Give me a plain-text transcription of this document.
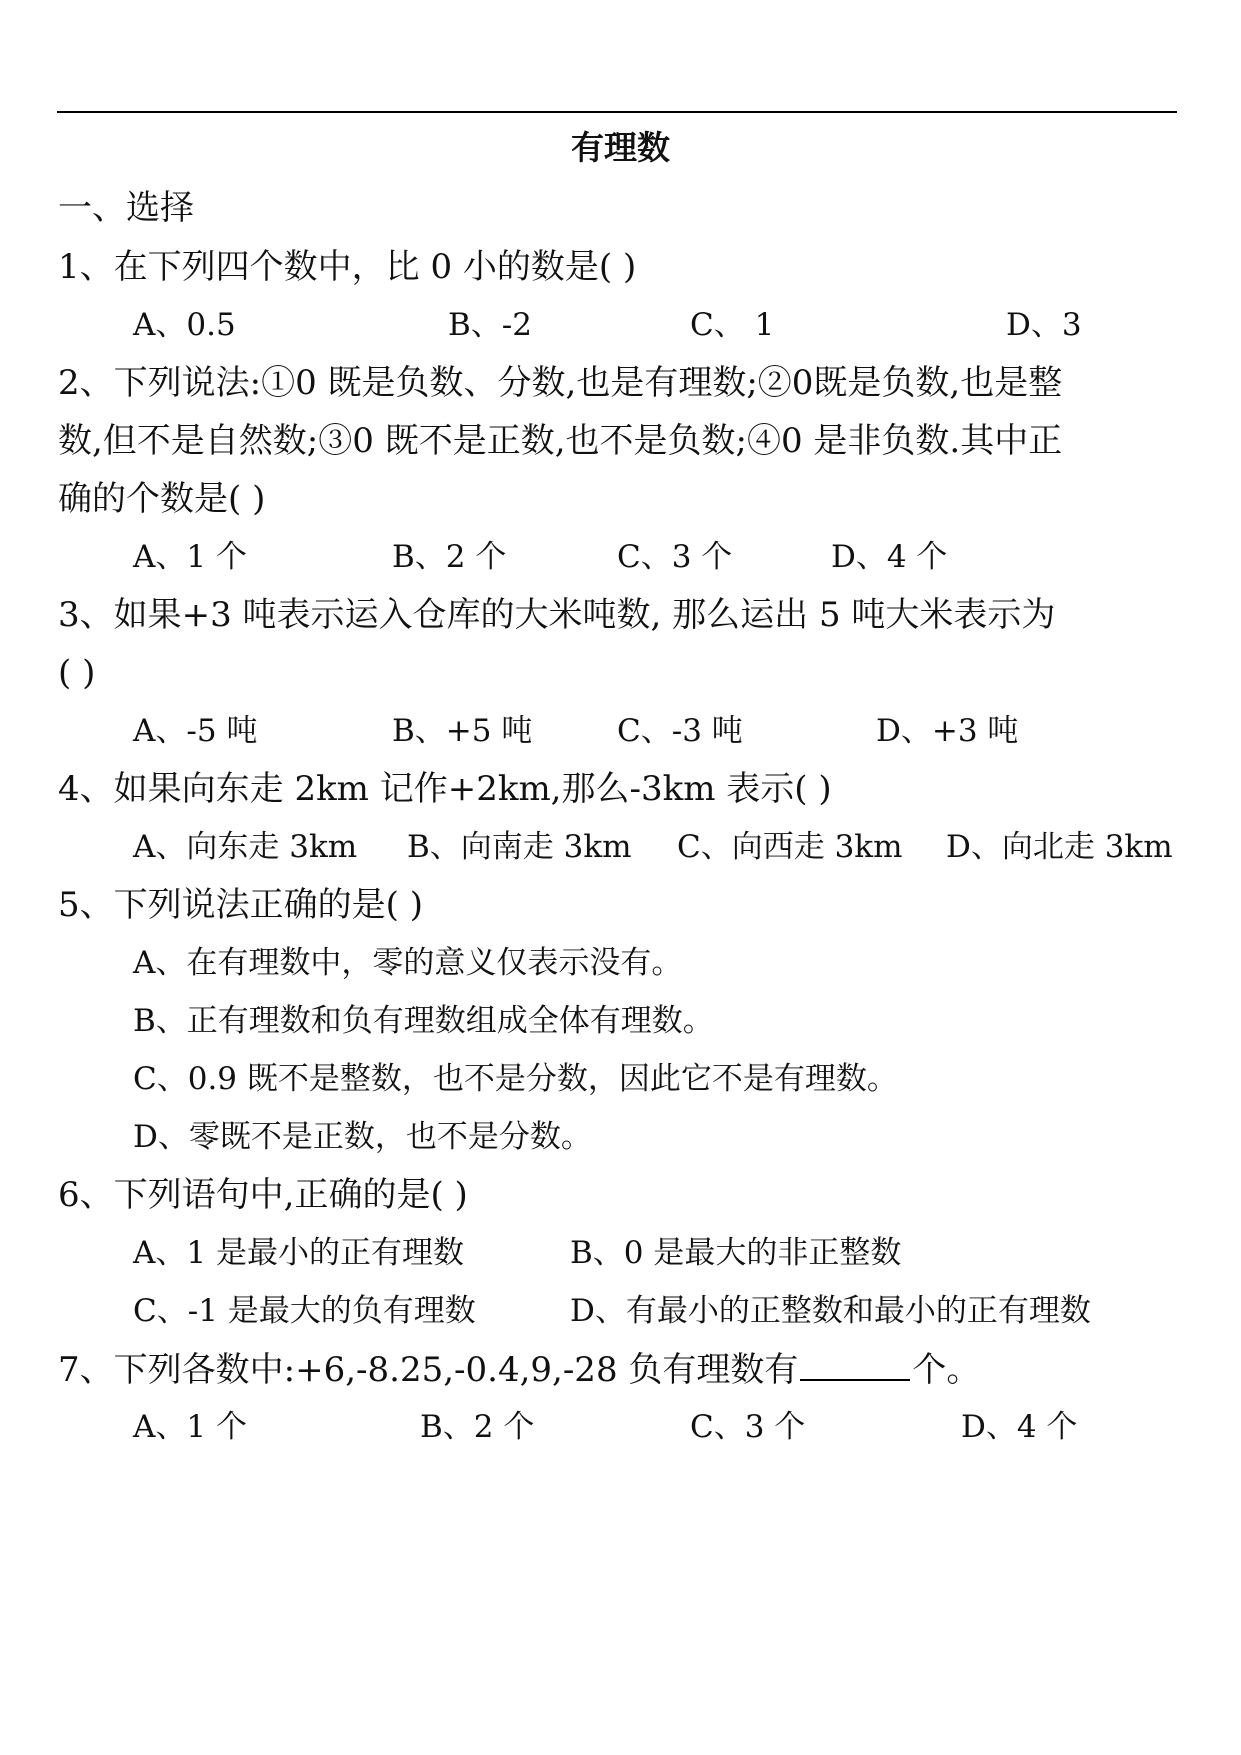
有理数
一、选择
1、在下列四个数中，比 0 小的数是( )
A、0.5	B、-2	C、 1	D、3
2、下列说法:①0 既是负数、分数,也是有理数;②0既是负数,也是整
数,但不是自然数;③0 既不是正数,也不是负数;④0 是非负数.其中正
确的个数是( )
A、1 个	B、2 个	C、3 个	D、4 个
3、如果+3 吨表示运入仓库的大米吨数, 那么运出 5 吨大米表示为
( )
A、-5 吨	B、+5 吨	C、-3 吨	D、+3 吨
4、如果向东走 2km 记作+2km,那么-3km 表示( )
A、向东走 3km B、向南走 3km C、向西走 3km D、向北走 3km
5、下列说法正确的是( )
A、在有理数中，零的意义仅表示没有。
B、正有理数和负有理数组成全体有理数。
C、0.9 既不是整数，也不是分数，因此它不是有理数。
D、零既不是正数，也不是分数。
6、下列语句中,正确的是( )
A、1 是最小的正有理数	B、0 是最大的非正整数
C、-1 是最大的负有理数	D、有最小的正整数和最小的正有理数
7、下列各数中:+6,-8.25,-0.4,9,-28 负有理数有	个。
A、1 个	B、2 个	C、3 个	D、4 个
